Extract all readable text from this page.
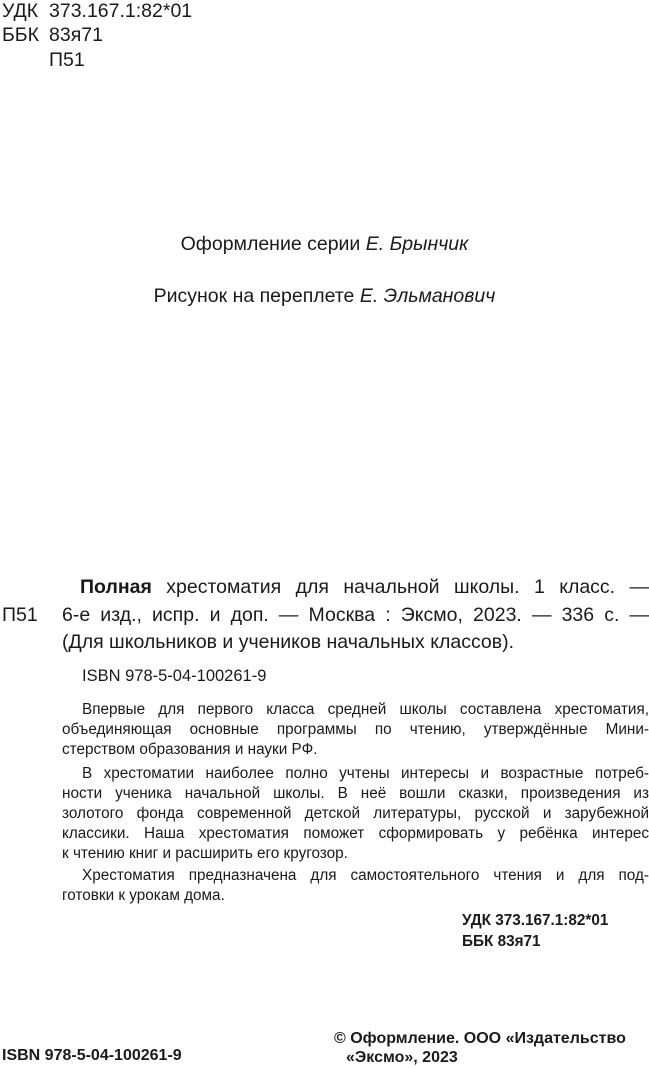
УДК 373.167.1:82*01
ББК 83я71
П51
Оформление серии Е. Брынчик
Рисунок на переплете Е. Эльманович
П51
Полная хрестоматия для начальной школы. 1 класс. —
6-е изд., испр. и доп. — Москва : Эксмо, 2023. — 336 с. —
(Для школьников и учеников начальных классов).
ISBN 978-5-04-100261-9
Впервые для первого класса средней школы составлена хрестоматия,
объединяющая основные программы по чтению, утверждённые Мини-
стерством образования и науки РФ.
В хрестоматии наиболее полно учтены интересы и возрастные потреб-
ности ученика начальной школы. В неё вошли сказки, произведения из
золотого фонда современной детской литературы, русской и зарубежной
классики. Наша хрестоматия поможет сформировать у ребёнка интерес
к чтению книг и расширить его кругозор.
Хрестоматия предназначена для самостоятельного чтения и для под-
готовки к урокам дома.
УДК 373.167.1:82*01
ББК 83я71
ISBN 978-5-04-100261-9
© Оформление. ООО «Издательство
«Эксмо», 2023
